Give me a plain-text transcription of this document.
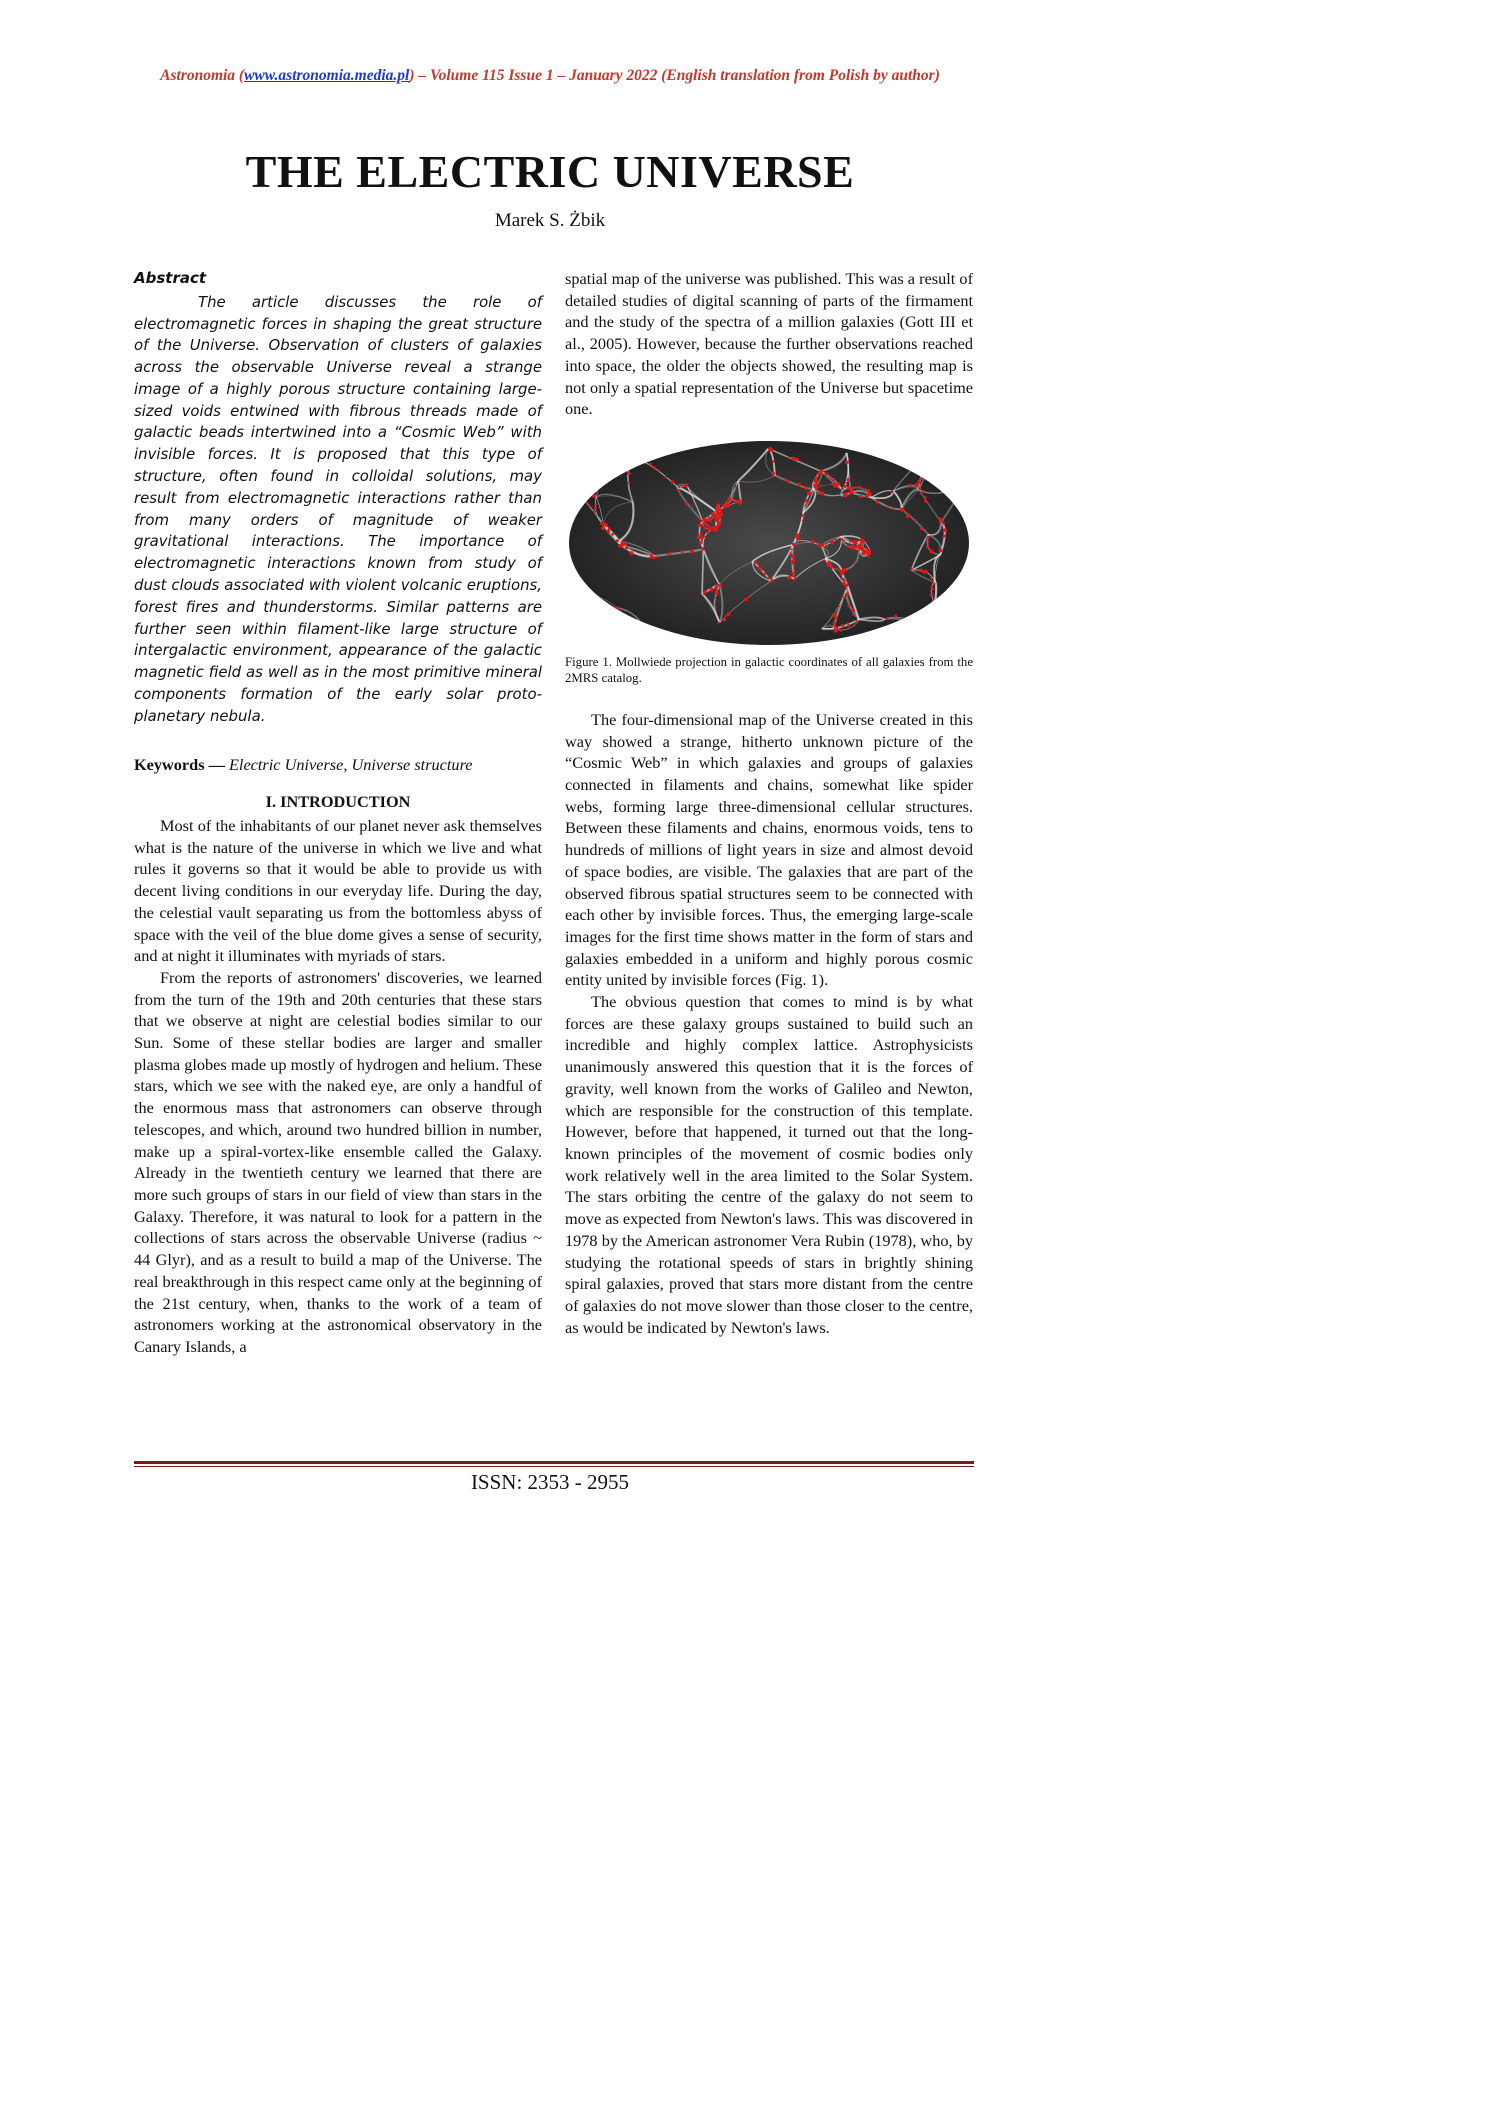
Astronomia (www.astronomia.media.pl) – Volume 115 Issue 1 – January 2022 (English translation from Polish by author)
THE ELECTRIC UNIVERSE
Marek S. Żbik
Abstract

The article discusses the role of electromagnetic forces in shaping the great structure of the Universe. Observation of clusters of galaxies across the observable Universe reveal a strange image of a highly porous structure containing large-sized voids entwined with fibrous threads made of galactic beads intertwined into a “Cosmic Web” with invisible forces. It is proposed that this type of structure, often found in colloidal solutions, may result from electromagnetic interactions rather than from many orders of magnitude of weaker gravitational interactions. The importance of electromagnetic interactions known from study of dust clouds associated with violent volcanic eruptions, forest fires and thunderstorms. Similar patterns are further seen within filament-like large structure of intergalactic environment, appearance of the galactic magnetic field as well as in the most primitive mineral components formation of the early solar proto-planetary nebula.

Keywords — Electric Universe, Universe structure
I. INTRODUCTION

Most of the inhabitants of our planet never ask themselves what is the nature of the universe in which we live and what rules it governs so that it would be able to provide us with decent living conditions in our everyday life. During the day, the celestial vault separating us from the bottomless abyss of space with the veil of the blue dome gives a sense of security, and at night it illuminates with myriads of stars.

From the reports of astronomers' discoveries, we learned from the turn of the 19th and 20th centuries that these stars that we observe at night are celestial bodies similar to our Sun. Some of these stellar bodies are larger and smaller plasma globes made up mostly of hydrogen and helium. These stars, which we see with the naked eye, are only a handful of the enormous mass that astronomers can observe through telescopes, and which, around two hundred billion in number, make up a spiral-vortex-like ensemble called the Galaxy. Already in the twentieth century we learned that there are more such groups of stars in our field of view than stars in the Galaxy. Therefore, it was natural to look for a pattern in the collections of stars across the observable Universe (radius ~ 44 Glyr), and as a result to build a map of the Universe. The real breakthrough in this respect came only at the beginning of the 21st century, when, thanks to the work of a team of astronomers working at the astronomical observatory in the Canary Islands, a

spatial map of the universe was published. This was a result of detailed studies of digital scanning of parts of the firmament and the study of the spectra of a million galaxies (Gott III et al., 2005). However, because the further observations reached into space, the older the objects showed, the resulting map is not only a spatial representation of the Universe but spacetime one.

Figure 1. Mollwiede projection in galactic coordinates of all galaxies from the 2MRS catalog.

The four-dimensional map of the Universe created in this way showed a strange, hitherto unknown picture of the “Cosmic Web” in which galaxies and groups of galaxies connected in filaments and chains, somewhat like spider webs, forming large three-dimensional cellular structures. Between these filaments and chains, enormous voids, tens to hundreds of millions of light years in size and almost devoid of space bodies, are visible. The galaxies that are part of the observed fibrous spatial structures seem to be connected with each other by invisible forces. Thus, the emerging large-scale images for the first time shows matter in the form of stars and galaxies embedded in a uniform and highly porous cosmic entity united by invisible forces (Fig. 1).

The obvious question that comes to mind is by what forces are these galaxy groups sustained to build such an incredible and highly complex lattice. Astrophysicists unanimously answered this question that it is the forces of gravity, well known from the works of Galileo and Newton, which are responsible for the construction of this template. However, before that happened, it turned out that the long-known principles of the movement of cosmic bodies only work relatively well in the area limited to the Solar System. The stars orbiting the centre of the galaxy do not seem to move as expected from Newton's laws. This was discovered in 1978 by the American astronomer Vera Rubin (1978), who, by studying the rotational speeds of stars in brightly shining spiral galaxies, proved that stars more distant from the centre of galaxies do not move slower than those closer to the centre, as would be indicated by Newton's laws.

ISSN: 2353 - 2955
